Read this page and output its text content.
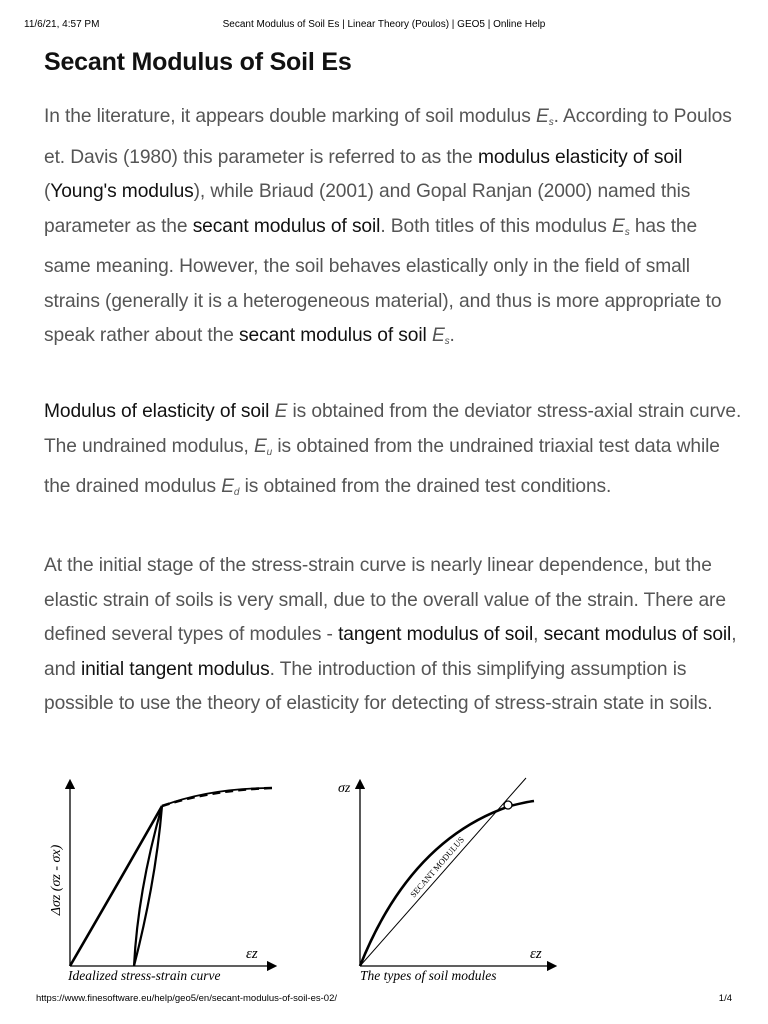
11/6/21, 4:57 PM	Secant Modulus of Soil Es | Linear Theory (Poulos) | GEO5 | Online Help
Secant Modulus of Soil Es

In the literature, it appears double marking of soil modulus $E_s$. According to Poulos et. Davis (1980) this parameter is referred to as the modulus elasticity of soil (Young's modulus), while Briaud (2001) and Gopal Ranjan (2000) named this parameter as the secant modulus of soil. Both titles of this modulus $E_s$ has the same meaning. However, the soil behaves elastically only in the field of small strains (generally it is a heterogeneous material), and thus is more appropriate to speak rather about the secant modulus of soil $E_s$.

Modulus of elasticity of soil E is obtained from the deviator stress-axial strain curve. The undrained modulus, $E_u$ is obtained from the undrained triaxial test data while the drained modulus $E_d$ is obtained from the drained test conditions.

At the initial stage of the stress-strain curve is nearly linear dependence, but the elastic strain of soils is very small, due to the overall value of the strain. There are defined several types of modules - tangent modulus of soil, secant modulus of soil, and initial tangent modulus. The introduction of this simplifying assumption is possible to use the theory of elasticity for detecting of stress-strain state in soils.

Δσz (σz - σx)
εz
Idealized stress-strain curve
SECANT MODULUS
σz
εz
The types of soil modules
https://www.finesoftware.eu/help/geo5/en/secant-modulus-of-soil-es-02/	1/4
